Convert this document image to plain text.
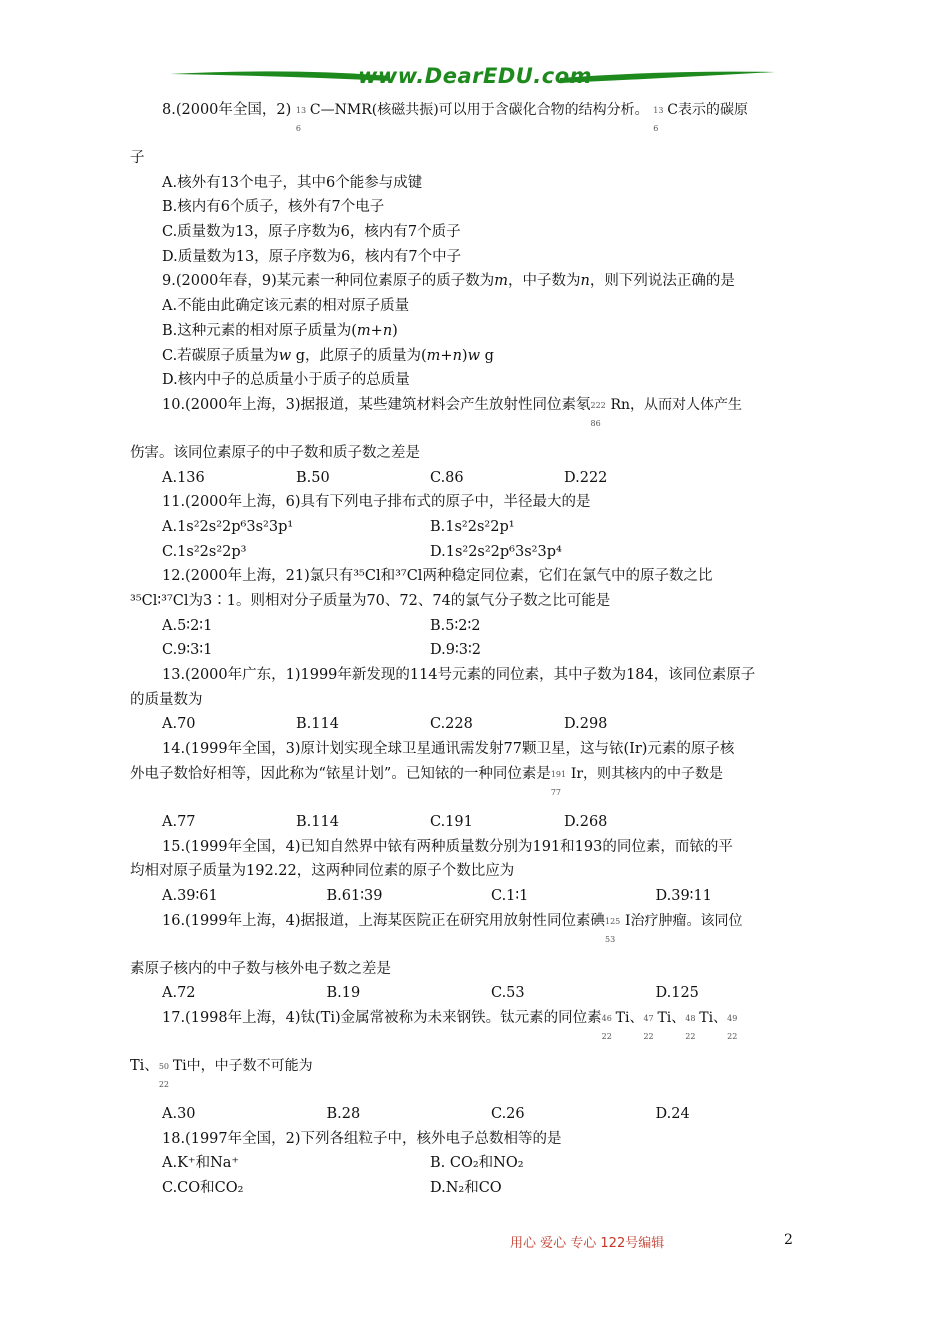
www.DearEDU.com
8.(2000年全国，2) 13
6
C—NMR(核磁共振)可以用于含碳化合物的结构分析。 13
6
C表示的碳原
子
A.核外有13个电子，其中6个能参与成键
B.核内有6个质子，核外有7个电子
C.质量数为13，原子序数为6，核内有7个质子
D.质量数为13，原子序数为6，核内有7个中子
9.(2000年春，9)某元素一种同位素原子的质子数为m，中子数为n，则下列说法正确的是
A.不能由此确定该元素的相对原子质量
B.这种元素的相对原子质量为(m+n)
C.若碳原子质量为w g，此原子的质量为(m+n)w g
D.核内中子的总质量小于质子的总质量
10.(2000年上海，3)据报道，某些建筑材料会产生放射性同位素氡 222
86
Rn，从而对人体产生
伤害。该同位素原子的中子数和质子数之差是
A.136	B.50	C.86	D.222
11.(2000年上海，6)具有下列电子排布式的原子中，半径最大的是
A.1s²2s²2p⁶3s²3p¹	B.1s²2s²2p¹
C.1s²2s²2p³	D.1s²2s²2p⁶3s²3p⁴
12.(2000年上海，21)氯只有³⁵Cl和³⁷Cl两种稳定同位素，它们在氯气中的原子数之比
³⁵Cl∶³⁷Cl为3∶1。则相对分子质量为70、72、74的氯气分子数之比可能是
A.5∶2∶1	B.5∶2∶2
C.9∶3∶1	D.9∶3∶2
13.(2000年广东，1)1999年新发现的114号元素的同位素，其中子数为184，该同位素原子
的质量数为
A.70	B.114	C.228	D.298
14.(1999年全国，3)原计划实现全球卫星通讯需发射77颗卫星，这与铱(Ir)元素的原子核
外电子数恰好相等，因此称为“铱星计划”。已知铱的一种同位素是 191
77
Ir，则其核内的中子数是
A.77	B.114	C.191	D.268
15.(1999年全国，4)已知自然界中铱有两种质量数分别为191和193的同位素，而铱的平
均相对原子质量为192.22，这两种同位素的原子个数比应为
A.39∶61	B.61∶39	C.1∶1	D.39∶11
16.(1999年上海，4)据报道，上海某医院正在研究用放射性同位素碘 125
53
I治疗肿瘤。该同位
素原子核内的中子数与核外电子数之差是
A.72	B.19	C.53	D.125
17.(1998年上海，4)钛(Ti)金属常被称为未来钢铁。钛元素的同位素 46
22
Ti、 47
22
Ti、 48
22
Ti、 49
22
Ti、 50
22
Ti中，中子数不可能为
A.30	B.28	C.26	D.24
18.(1997年全国，2)下列各组粒子中，核外电子总数相等的是
A.K⁺和Na⁺	B. CO₂和NO₂
C.CO和CO₂	D.N₂和CO
用心 爱心 专心 122号编辑	2
